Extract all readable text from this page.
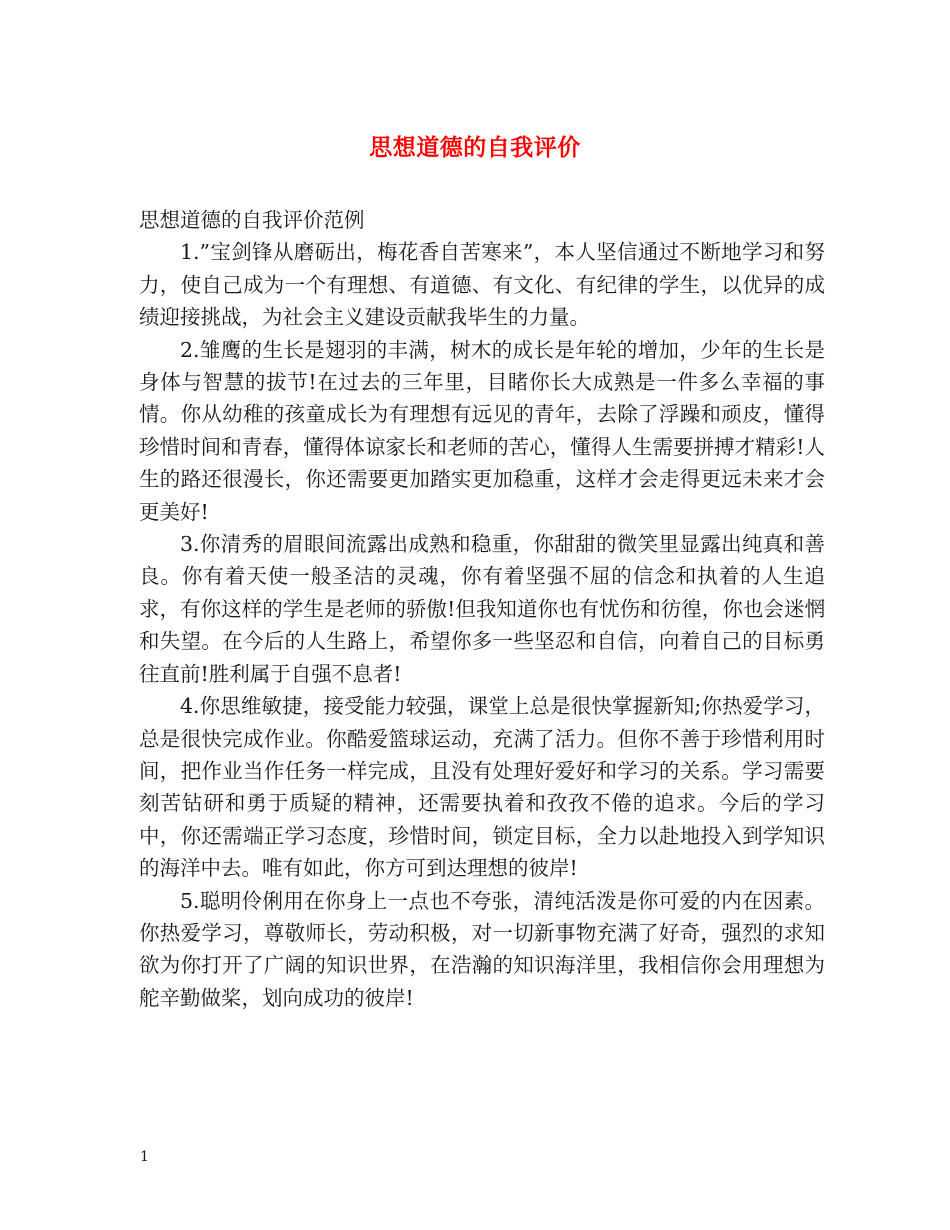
思想道德的自我评价

思想道德的自我评价范例

1.”宝剑锋从磨砺出，梅花香自苦寒来”，本人坚信通过不断地学习和努力，使自己成为一个有理想、有道德、有文化、有纪律的学生，以优异的成绩迎接挑战，为社会主义建设贡献我毕生的力量。

2.雏鹰的生长是翅羽的丰满，树木的成长是年轮的增加，少年的生长是身体与智慧的拔节!在过去的三年里，目睹你长大成熟是一件多么幸福的事情。你从幼稚的孩童成长为有理想有远见的青年，去除了浮躁和顽皮，懂得珍惜时间和青春，懂得体谅家长和老师的苦心，懂得人生需要拼搏才精彩!人生的路还很漫长，你还需要更加踏实更加稳重，这样才会走得更远未来才会更美好!

3.你清秀的眉眼间流露出成熟和稳重，你甜甜的微笑里显露出纯真和善良。你有着天使一般圣洁的灵魂，你有着坚强不屈的信念和执着的人生追求，有你这样的学生是老师的骄傲!但我知道你也有忧伤和彷徨，你也会迷惘和失望。在今后的人生路上，希望你多一些坚忍和自信，向着自己的目标勇往直前!胜利属于自强不息者!

4.你思维敏捷，接受能力较强，课堂上总是很快掌握新知;你热爱学习，总是很快完成作业。你酷爱篮球运动，充满了活力。但你不善于珍惜利用时间，把作业当作任务一样完成，且没有处理好爱好和学习的关系。学习需要刻苦钻研和勇于质疑的精神，还需要执着和孜孜不倦的追求。今后的学习中，你还需端正学习态度，珍惜时间，锁定目标，全力以赴地投入到学知识的海洋中去。唯有如此，你方可到达理想的彼岸!

5.聪明伶俐用在你身上一点也不夸张，清纯活泼是你可爱的内在因素。你热爱学习，尊敬师长，劳动积极，对一切新事物充满了好奇，强烈的求知欲为你打开了广阔的知识世界，在浩瀚的知识海洋里，我相信你会用理想为舵辛勤做桨，划向成功的彼岸!

1
